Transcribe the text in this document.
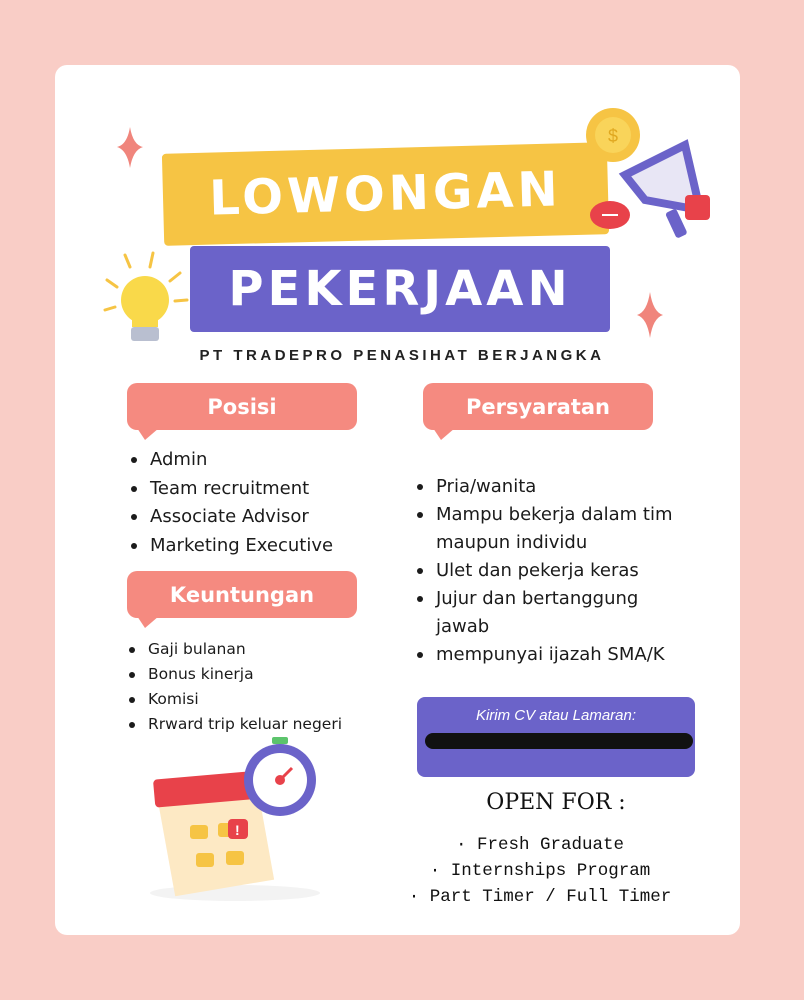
LOWONGAN
PEKERJAAN
$
PT TRADEPRO PENASIHAT BERJANGKA
Posisi	Persyaratan
Keuntungan
Admin
Team recruitment
Associate Advisor
Marketing Executive
Pria/wanita
Mampu bekerja dalam tim
maupun individu
Ulet dan pekerja keras
Jujur dan bertanggung
jawab
mempunyai ijazah SMA/K
Gaji bulanan
Bonus kinerja
Komisi
Rrward trip keluar negeri
!
Kirim CV atau Lamaran:
OPEN FOR :
· Fresh Graduate
· Internships Program
· Part Timer / Full Timer
